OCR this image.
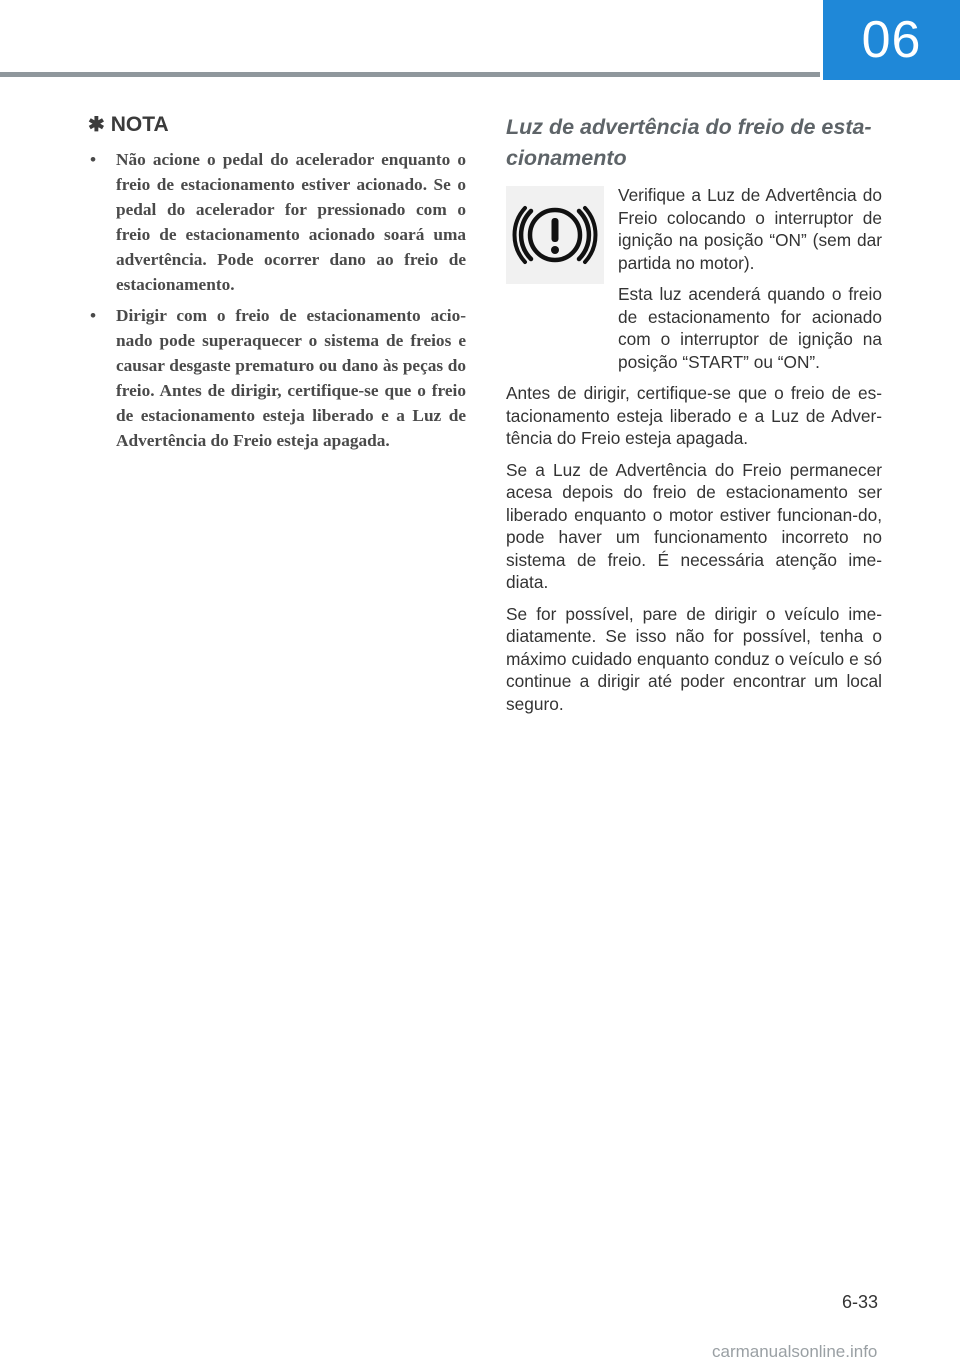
06
✱ NOTA
• Não acione o pedal do acelerador enquanto o freio de estacionamento estiver acionado. Se o pedal do acelerador for pressionado com o freio de estacionamento acionado soará uma advertência. Pode ocorrer dano ao freio de estacionamento.
• Dirigir com o freio de estacionamento acio-nado pode superaquecer o sistema de freios e causar desgaste prematuro ou dano às peças do freio. Antes de dirigir, certifique-se que o freio de estacionamento esteja liberado e a Luz de Advertência do Freio esteja apagada.
Luz de advertência do freio de esta-cionamento

Verifique a Luz de Advertência do Freio colocando o interruptor de ignição na posição “ON” (sem dar partida no motor).

Esta luz acenderá quando o freio de estacionamento for acionado com o interruptor de ignição na posição “START” ou “ON”.

Antes de dirigir, certifique-se que o freio de es-tacionamento esteja liberado e a Luz de Adver-tência do Freio esteja apagada.

Se a Luz de Advertência do Freio permanecer acesa depois do freio de estacionamento ser liberado enquanto o motor estiver funcionan-do, pode haver um funcionamento incorreto no sistema de freio. É necessária atenção ime-diata.

Se for possível, pare de dirigir o veículo ime-diatamente. Se isso não for possível, tenha o máximo cuidado enquanto conduz o veículo e só continue a dirigir até poder encontrar um local seguro.

6-33
carmanualsonline.info
